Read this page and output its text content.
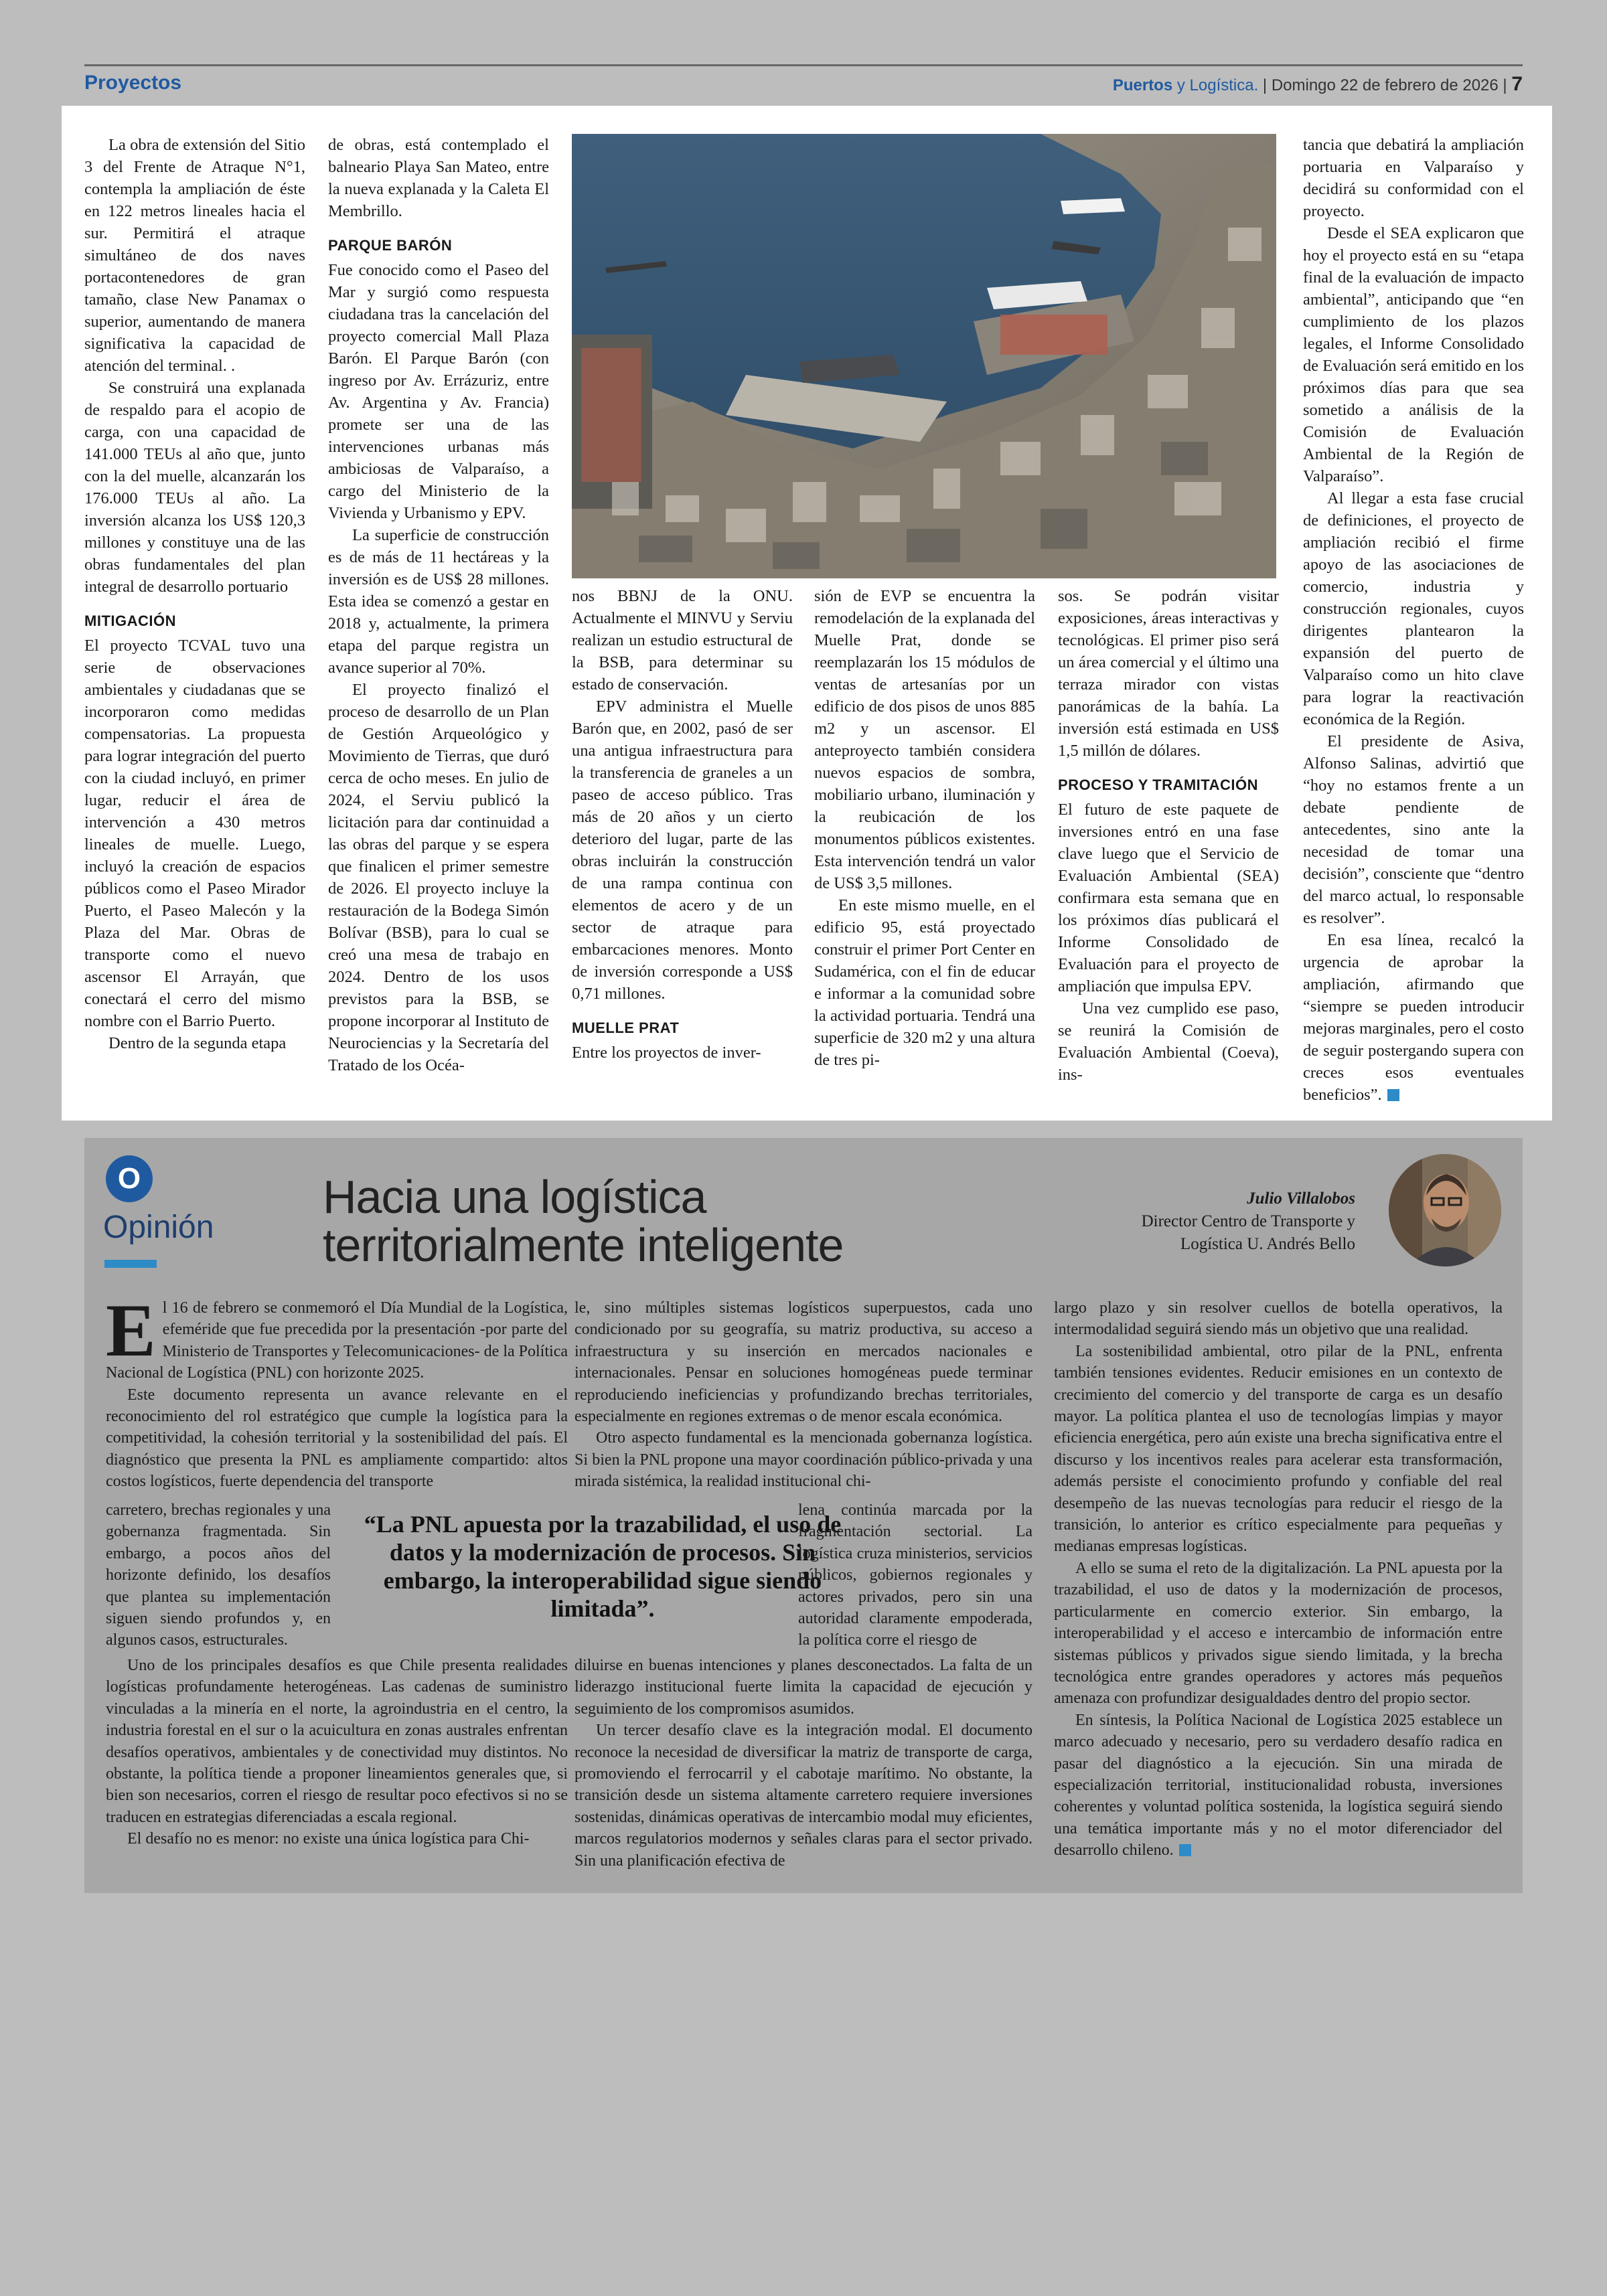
Proyectos	Puertos y Logística. | Domingo 22 de febrero de 2026 | 7

La obra de extensión del Sitio 3 del Frente de Atraque N°1, contempla la ampliación de éste en 122 metros lineales hacia el sur. Permitirá el atraque simultáneo de dos naves portacontenedores de gran tamaño, clase New Panamax o superior, aumentando de manera significativa la capacidad de atención del terminal. .

Se construirá una explanada de respaldo para el acopio de carga, con una capacidad de 141.000 TEUs al año que, junto con la del muelle, alcanzarán los 176.000 TEUs al año. La inversión alcanza los US$ 120,3 millones y constituye una de las obras fundamentales del plan integral de desarrollo portuario

MITIGACIÓN

El proyecto TCVAL tuvo una serie de observaciones ambientales y ciudadanas que se incorporaron como medidas compensatorias. La propuesta para lograr integración del puerto con la ciudad incluyó, en primer lugar, reducir el área de intervención a 430 metros lineales de muelle. Luego, incluyó la creación de espacios públicos como el Paseo Mirador Puerto, el Paseo Malecón y la Plaza del Mar. Obras de transporte como el nuevo ascensor El Arrayán, que conectará el cerro del mismo nombre con el Barrio Puerto.

Dentro de la segunda etapa

de obras, está contemplado el balneario Playa San Mateo, entre la nueva explanada y la Caleta El Membrillo.

PARQUE BARÓN

Fue conocido como el Paseo del Mar y surgió como respuesta ciudadana tras la cancelación del proyecto comercial Mall Plaza Barón. El Parque Barón (con ingreso por Av. Errázuriz, entre Av. Argentina y Av. Francia) promete ser una de las intervenciones urbanas más ambiciosas de Valparaíso, a cargo del Ministerio de la Vivienda y Urbanismo y EPV.

La superficie de construcción es de más de 11 hectáreas y la inversión es de US$ 28 millones. Esta idea se comenzó a gestar en 2018 y, actualmente, la primera etapa del parque registra un avance superior al 70%.

El proyecto finalizó el proceso de desarrollo de un Plan de Gestión Arqueológico y Movimiento de Tierras, que duró cerca de ocho meses. En julio de 2024, el Serviu publicó la licitación para dar continuidad a las obras del parque y se espera que finalicen el primer semestre de 2026. El proyecto incluye la restauración de la Bodega Simón Bolívar (BSB), para lo cual se creó una mesa de trabajo en 2024. Dentro de los usos previstos para la BSB, se propone incorporar al Instituto de Neurociencias y la Secretaría del Tratado de los Océa-

nos BBNJ de la ONU. Actualmente el MINVU y Serviu realizan un estudio estructural de la BSB, para determinar su estado de conservación.

EPV administra el Muelle Barón que, en 2002, pasó de ser una antigua infraestructura para la transferencia de graneles a un paseo de acceso público. Tras más de 20 años y un cierto deterioro del lugar, parte de las obras incluirán la construcción de una rampa continua con elementos de acero y de un sector de atraque para embarcaciones menores. Monto de inversión corresponde a US$ 0,71 millones.

MUELLE PRAT

Entre los proyectos de inver-

sión de EVP se encuentra la remodelación de la explanada del Muelle Prat, donde se reemplazarán los 15 módulos de ventas de artesanías por un edificio de dos pisos de unos 885 m2 y un ascensor. El anteproyecto también considera nuevos espacios de sombra, mobiliario urbano, iluminación y la reubicación de los monumentos públicos existentes. Esta intervención tendrá un valor de US$ 3,5 millones.

En este mismo muelle, en el edificio 95, está proyectado construir el primer Port Center en Sudamérica, con el fin de educar e informar a la comunidad sobre la actividad portuaria. Tendrá una superficie de 320 m2 y una altura de tres pi-

sos. Se podrán visitar exposiciones, áreas interactivas y tecnológicas. El primer piso será un área comercial y el último una terraza mirador con vistas panorámicas de la bahía. La inversión está estimada en US$ 1,5 millón de dólares.

PROCESO Y TRAMITACIÓN

El futuro de este paquete de inversiones entró en una fase clave luego que el Servicio de Evaluación Ambiental (SEA) confirmara esta semana que en los próximos días publicará el Informe Consolidado de Evaluación para el proyecto de ampliación que impulsa EPV.

Una vez cumplido ese paso, se reunirá la Comisión de Evaluación Ambiental (Coeva), ins-

tancia que debatirá la ampliación portuaria en Valparaíso y decidirá su conformidad con el proyecto.

Desde el SEA explicaron que hoy el proyecto está en su “etapa final de la evaluación de impacto ambiental”, anticipando que “en cumplimiento de los plazos legales, el Informe Consolidado de Evaluación será emitido en los próximos días para que sea sometido a análisis de la Comisión de Evaluación Ambiental de la Región de Valparaíso”.

Al llegar a esta fase crucial de definiciones, el proyecto de ampliación recibió el firme apoyo de las asociaciones de comercio, industria y construcción regionales, cuyos dirigentes plantearon la expansión del puerto de Valparaíso como un hito clave para lograr la reactivación económica de la Región.

El presidente de Asiva, Alfonso Salinas, advirtió que “hoy no estamos frente a un debate pendiente de antecedentes, sino ante la necesidad de tomar una decisión”, consciente que “dentro del marco actual, lo responsable es resolver”.

En esa línea, recalcó la urgencia de aprobar la ampliación, afirmando que “siempre se pueden introducir mejoras marginales, pero el costo de seguir postergando supera con creces esos eventuales beneficios”.

O
Opinión
Hacia una logística territorialmente inteligente
Julio Villalobos
Director Centro de Transporte y
Logística U. Andrés Bello

El 16 de febrero se conmemoró el Día Mundial de la Logística, efeméride que fue precedida por la presentación -por parte del Ministerio de Transportes y Telecomunicaciones- de la Política Nacional de Logística (PNL) con horizonte 2025.

Este documento representa un avance relevante en el reconocimiento del rol estratégico que cumple la logística para la competitividad, la cohesión territorial y la sostenibilidad del país. El diagnóstico que presenta la PNL es ampliamente compartido: altos costos logísticos, fuerte dependencia del transporte

carretero, brechas regionales y una gobernanza fragmentada. Sin embargo, a pocos años del horizonte definido, los desafíos que plantea su implementación siguen siendo profundos y, en algunos casos, estructurales.

Uno de los principales desafíos es que Chile presenta realidades logísticas profundamente heterogéneas. Las cadenas de suministro vinculadas a la minería en el norte, la agroindustria en el centro, la industria forestal en el sur o la acuicultura en zonas australes enfrentan desafíos operativos, ambientales y de conectividad muy distintos. No obstante, la política tiende a proponer lineamientos generales que, si bien son necesarios, corren el riesgo de resultar poco efectivos si no se traducen en estrategias diferenciadas a escala regional.

El desafío no es menor: no existe una única logística para Chi-

“La PNL apuesta por la trazabilidad, el uso de datos y la modernización de procesos. Sin embargo, la interoperabilidad sigue siendo limitada”.

le, sino múltiples sistemas logísticos superpuestos, cada uno condicionado por su geografía, su matriz productiva, su acceso a infraestructura y su inserción en mercados nacionales e internacionales. Pensar en soluciones homogéneas puede terminar reproduciendo ineficiencias y profundizando brechas territoriales, especialmente en regiones extremas o de menor escala económica.

Otro aspecto fundamental es la mencionada gobernanza logística. Si bien la PNL propone una mayor coordinación público-privada y una mirada sistémica, la realidad institucional chi-

lena continúa marcada por la fragmentación sectorial. La logística cruza ministerios, servicios públicos, gobiernos regionales y actores privados, pero sin una autoridad claramente empoderada, la política corre el riesgo de

diluirse en buenas intenciones y planes desconectados. La falta de un liderazgo institucional fuerte limita la capacidad de ejecución y seguimiento de los compromisos asumidos.

Un tercer desafío clave es la integración modal. El documento reconoce la necesidad de diversificar la matriz de transporte de carga, promoviendo el ferrocarril y el cabotaje marítimo. No obstante, la transición desde un sistema altamente carretero requiere inversiones sostenidas, dinámicas operativas de intercambio modal muy eficientes, marcos regulatorios modernos y señales claras para el sector privado. Sin una planificación efectiva de

largo plazo y sin resolver cuellos de botella operativos, la intermodalidad seguirá siendo más un objetivo que una realidad.

La sostenibilidad ambiental, otro pilar de la PNL, enfrenta también tensiones evidentes. Reducir emisiones en un contexto de crecimiento del comercio y del transporte de carga es un desafío mayor. La política plantea el uso de tecnologías limpias y mayor eficiencia energética, pero aún existe una brecha significativa entre el discurso y los incentivos reales para acelerar esta transformación, además persiste el conocimiento profundo y confiable del real desempeño de las nuevas tecnologías para reducir el riesgo de la transición, lo anterior es crítico especialmente para pequeñas y medianas empresas logísticas.

A ello se suma el reto de la digitalización. La PNL apuesta por la trazabilidad, el uso de datos y la modernización de procesos, particularmente en comercio exterior. Sin embargo, la interoperabilidad y el acceso e intercambio de información entre sistemas públicos y privados sigue siendo limitada, y la brecha tecnológica entre grandes operadores y actores más pequeños amenaza con profundizar desigualdades dentro del propio sector.

En síntesis, la Política Nacional de Logística 2025 establece un marco adecuado y necesario, pero su verdadero desafío radica en pasar del diagnóstico a la ejecución. Sin una mirada de especialización territorial, institucionalidad robusta, inversiones coherentes y voluntad política sostenida, la logística seguirá siendo una temática importante más y no el motor diferenciador del desarrollo chileno.
